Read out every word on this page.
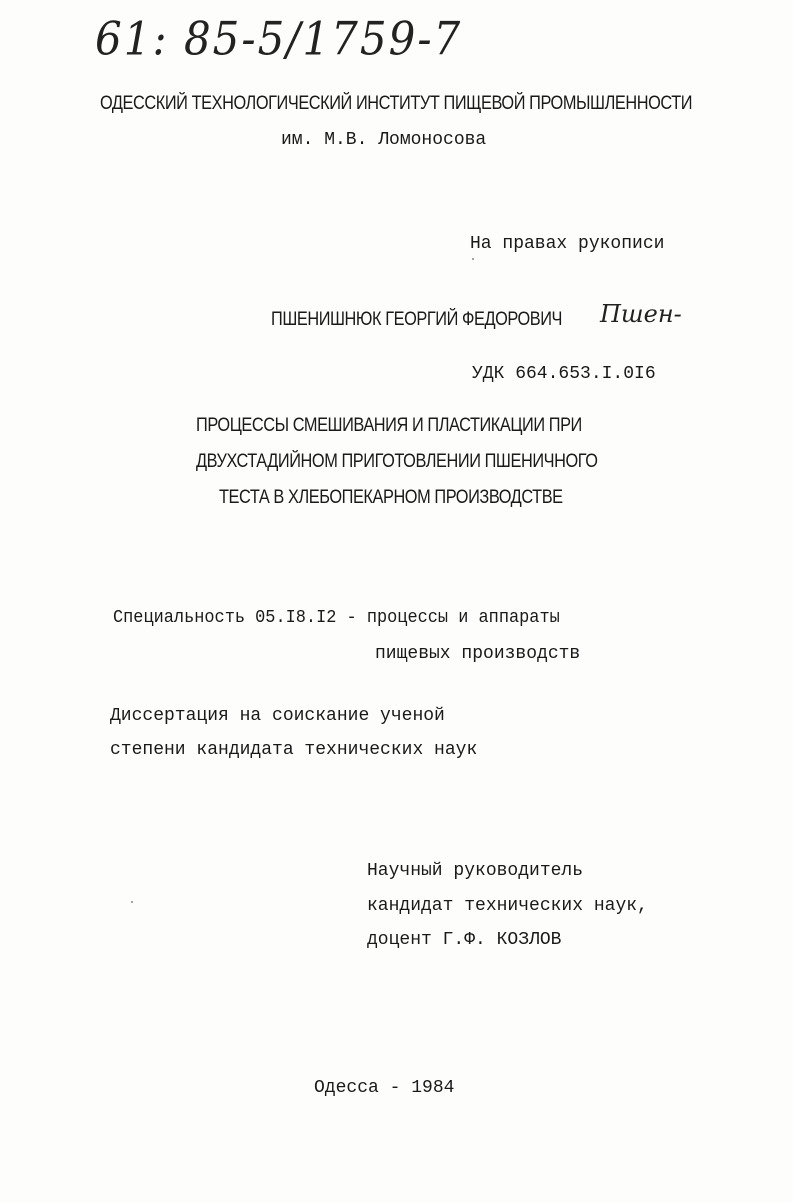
61: 85-5/1759-7
ОДЕССКИЙ ТЕХНОЛОГИЧЕСКИЙ ИНСТИТУТ ПИЩЕВОЙ ПРОМЫШЛЕННОСТИ
им. М.В. Ломоносова
На правах рукописи
ПШЕНИШНЮК ГЕОРГИЙ ФЕДОРОВИЧ Пшен-
УДК 664.653.I.0I6
ПРОЦЕССЫ СМЕШИВАНИЯ И ПЛАСТИКАЦИИ ПРИ
ДВУХСТАДИЙНОМ ПРИГОТОВЛЕНИИ ПШЕНИЧНОГО
ТЕСТА В ХЛЕБОПЕКАРНОМ ПРОИЗВОДСТВЕ
Специальность 05.I8.I2 - процессы и аппараты
пищевых производств
Диссертация на соискание ученой
степени кандидата технических наук
Научный руководитель
кандидат технических наук,
доцент Г.Ф. КОЗЛОВ
Одесса - 1984
